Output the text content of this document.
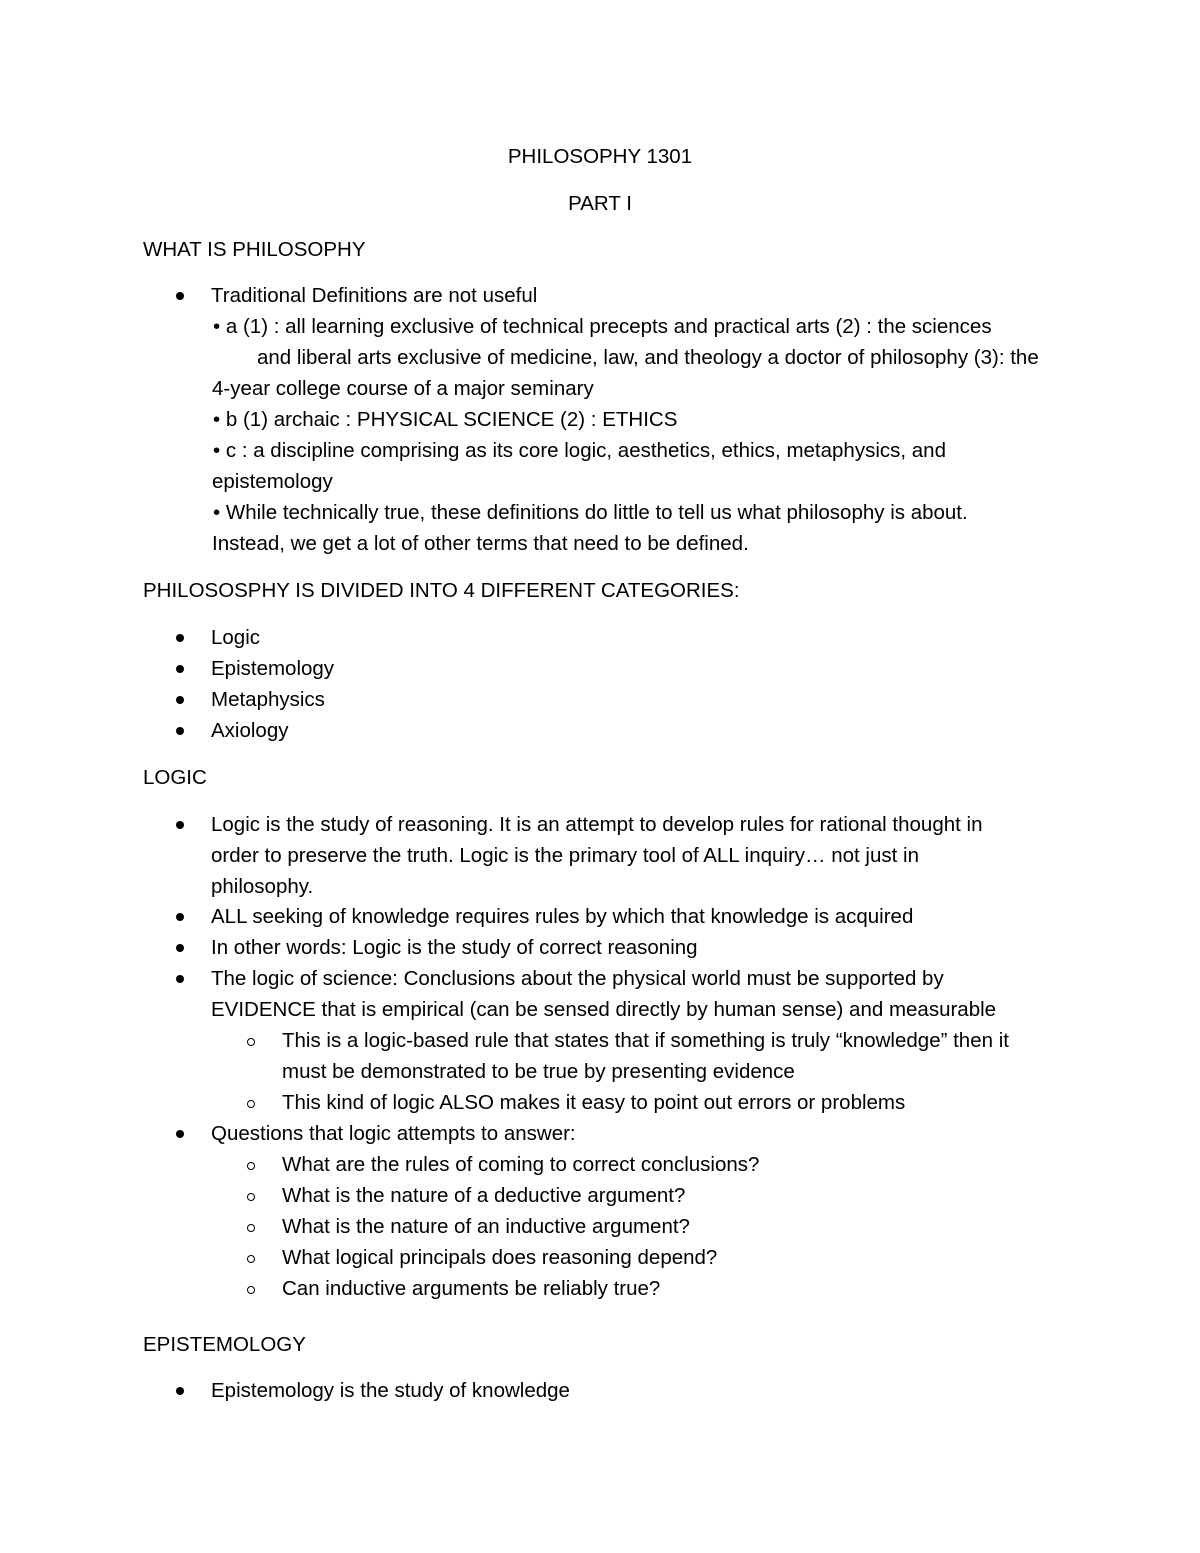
PHILOSOPHY 1301
PART I
WHAT IS PHILOSOPHY
Traditional Definitions are not useful
• a (1) : all learning exclusive of technical precepts and practical arts (2) : the sciences
and liberal arts exclusive of medicine, law, and theology a doctor of philosophy (3): the
4-year college course of a major seminary
• b (1) archaic : PHYSICAL SCIENCE (2) : ETHICS
• c : a discipline comprising as its core logic, aesthetics, ethics, metaphysics, and
epistemology
• While technically true, these definitions do little to tell us what philosophy is about.
Instead, we get a lot of other terms that need to be defined.
PHILOSOSPHY IS DIVIDED INTO 4 DIFFERENT CATEGORIES:
Logic
Epistemology
Metaphysics
Axiology
LOGIC
Logic is the study of reasoning. It is an attempt to develop rules for rational thought in
order to preserve the truth. Logic is the primary tool of ALL inquiry… not just in
philosophy.
ALL seeking of knowledge requires rules by which that knowledge is acquired
In other words: Logic is the study of correct reasoning
The logic of science: Conclusions about the physical world must be supported by
EVIDENCE that is empirical (can be sensed directly by human sense) and measurable
This is a logic-based rule that states that if something is truly “knowledge” then it
must be demonstrated to be true by presenting evidence
This kind of logic ALSO makes it easy to point out errors or problems
Questions that logic attempts to answer:
What are the rules of coming to correct conclusions?
What is the nature of a deductive argument?
What is the nature of an inductive argument?
What logical principals does reasoning depend?
Can inductive arguments be reliably true?
EPISTEMOLOGY
Epistemology is the study of knowledge
